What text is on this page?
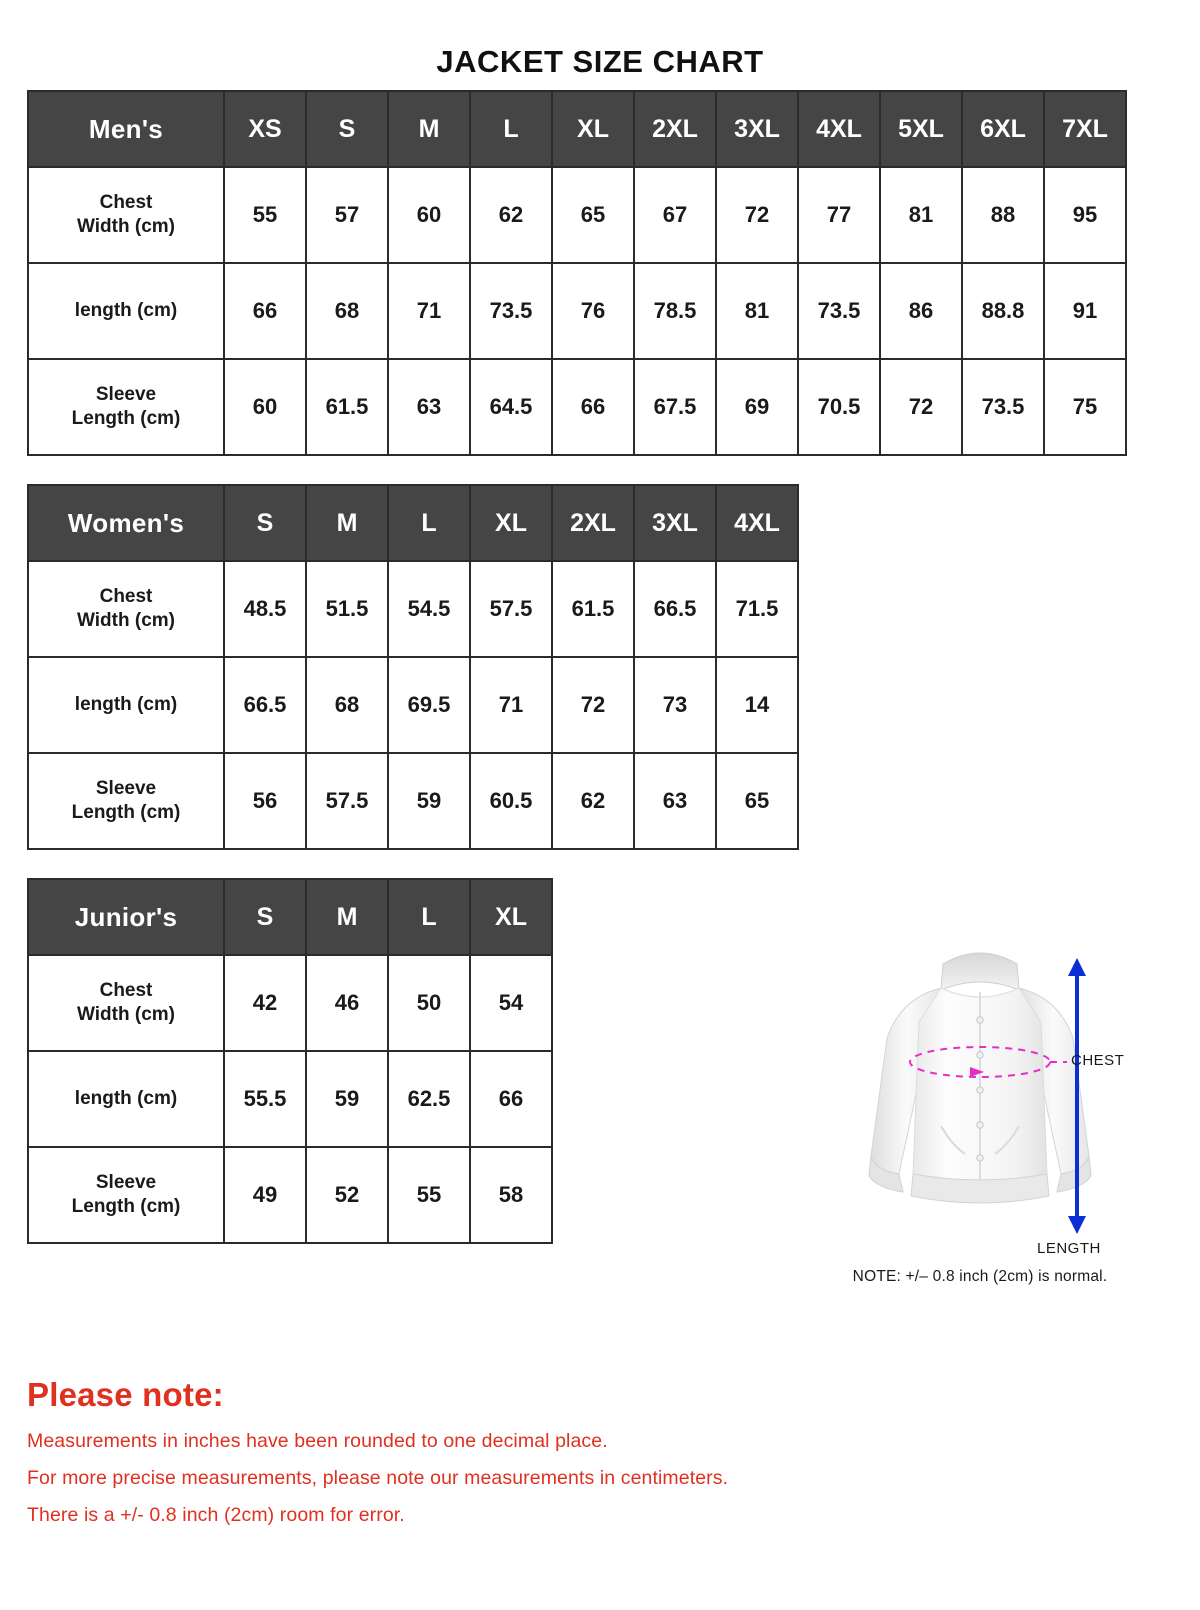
JACKET SIZE CHART
Men's	XS	S	M	L	XL	2XL	3XL	4XL	5XL	6XL	7XL

Chest
Width (cm)	55	57	60	62	65	67	72	77	81	88	95

length (cm)	66	68	71	73.5	76	78.5	81	73.5	86	88.8	91

Sleeve
Length (cm)	60	61.5	63	64.5	66	67.5	69	70.5	72	73.5	75
Women's	S	M	L	XL	2XL	3XL	4XL

Chest
Width (cm)	48.5	51.5	54.5	57.5	61.5	66.5	71.5

length (cm)	66.5	68	69.5	71	72	73	14

Sleeve
Length (cm)	56	57.5	59	60.5	62	63	65
Junior's	S	M	L	XL

Chest
Width (cm)	42	46	50	54

length (cm)	55.5	59	62.5	66

Sleeve
Length (cm)	49	52	55	58
CHEST
LENGTH
NOTE: +/– 0.8 inch (2cm) is normal.
Please note:

Measurements in inches have been rounded to one decimal place.

For more precise measurements, please note our measurements in centimeters.

There is a +/- 0.8 inch (2cm) room for error.
